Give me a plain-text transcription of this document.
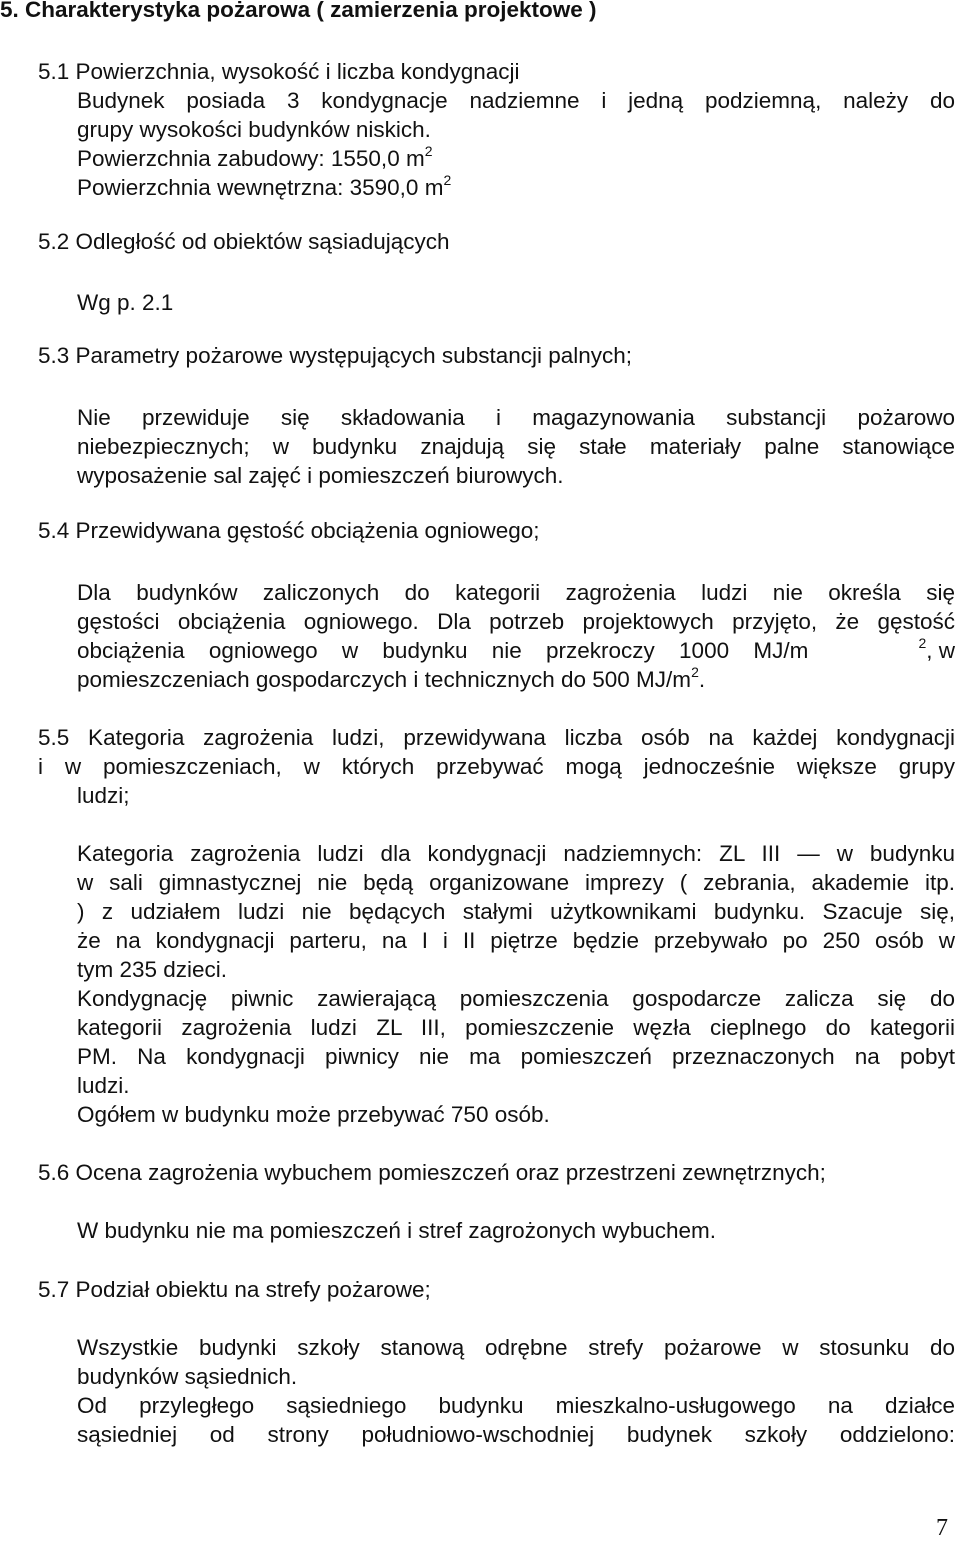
5. Charakterystyka pożarowa ( zamierzenia projektowe )
5.1 Powierzchnia, wysokość i liczba kondygnacji
Budynek posiada 3 kondygnacje nadziemne i jedną podziemną, należy do
grupy wysokości budynków niskich.
Powierzchnia zabudowy: 1550,0 $m^2$
Powierzchnia wewnętrzna: 3590,0 $m^2$
5.2 Odległość od obiektów sąsiadujących
Wg p. 2.1
5.3 Parametry pożarowe występujących substancji palnych;
Nie przewiduje się składowania i magazynowania substancji pożarowo
niebezpiecznych; w budynku znajdują się stałe materiały palne stanowiące
wyposażenie sal zajęć i pomieszczeń biurowych.
5.4 Przewidywana gęstość obciążenia ogniowego;
Dla budynków zaliczonych do kategorii zagrożenia ludzi nie określa się
gęstości obciążenia ogniowego. Dla potrzeb projektowych przyjęto, że gęstość
obciążenia ogniowego w budynku nie przekroczy 1000 MJ/m	$^2$, w
pomieszczeniach gospodarczych i technicznych do 500 $MJ/m^2$.
5.5 Kategoria zagrożenia ludzi, przewidywana liczba osób na każdej kondygnacji
i w pomieszczeniach, w których przebywać mogą jednocześnie większe grupy
ludzi;
Kategoria zagrożenia ludzi dla kondygnacji nadziemnych: ZL III — w budynku
w sali gimnastycznej nie będą organizowane imprezy ( zebrania, akademie itp.
) z udziałem ludzi nie będących stałymi użytkownikami budynku. Szacuje się,
że na kondygnacji parteru, na I i II piętrze będzie przebywało po 250 osób w
tym 235 dzieci.
Kondygnację piwnic zawierającą pomieszczenia gospodarcze zalicza się do
kategorii zagrożenia ludzi ZL III, pomieszczenie węzła cieplnego do kategorii
PM. Na kondygnacji piwnicy nie ma pomieszczeń przeznaczonych na pobyt
ludzi.
Ogółem w budynku może przebywać 750 osób.
5.6 Ocena zagrożenia wybuchem pomieszczeń oraz przestrzeni zewnętrznych;
W budynku nie ma pomieszczeń i stref zagrożonych wybuchem.
5.7 Podział obiektu na strefy pożarowe;
Wszystkie budynki szkoły stanową odrębne strefy pożarowe w stosunku do
budynków sąsiednich.
Od przyległego sąsiedniego budynku mieszkalno-usługowego na działce
sąsiedniej od strony południowo-wschodniej budynek szkoły oddzielono:
7
